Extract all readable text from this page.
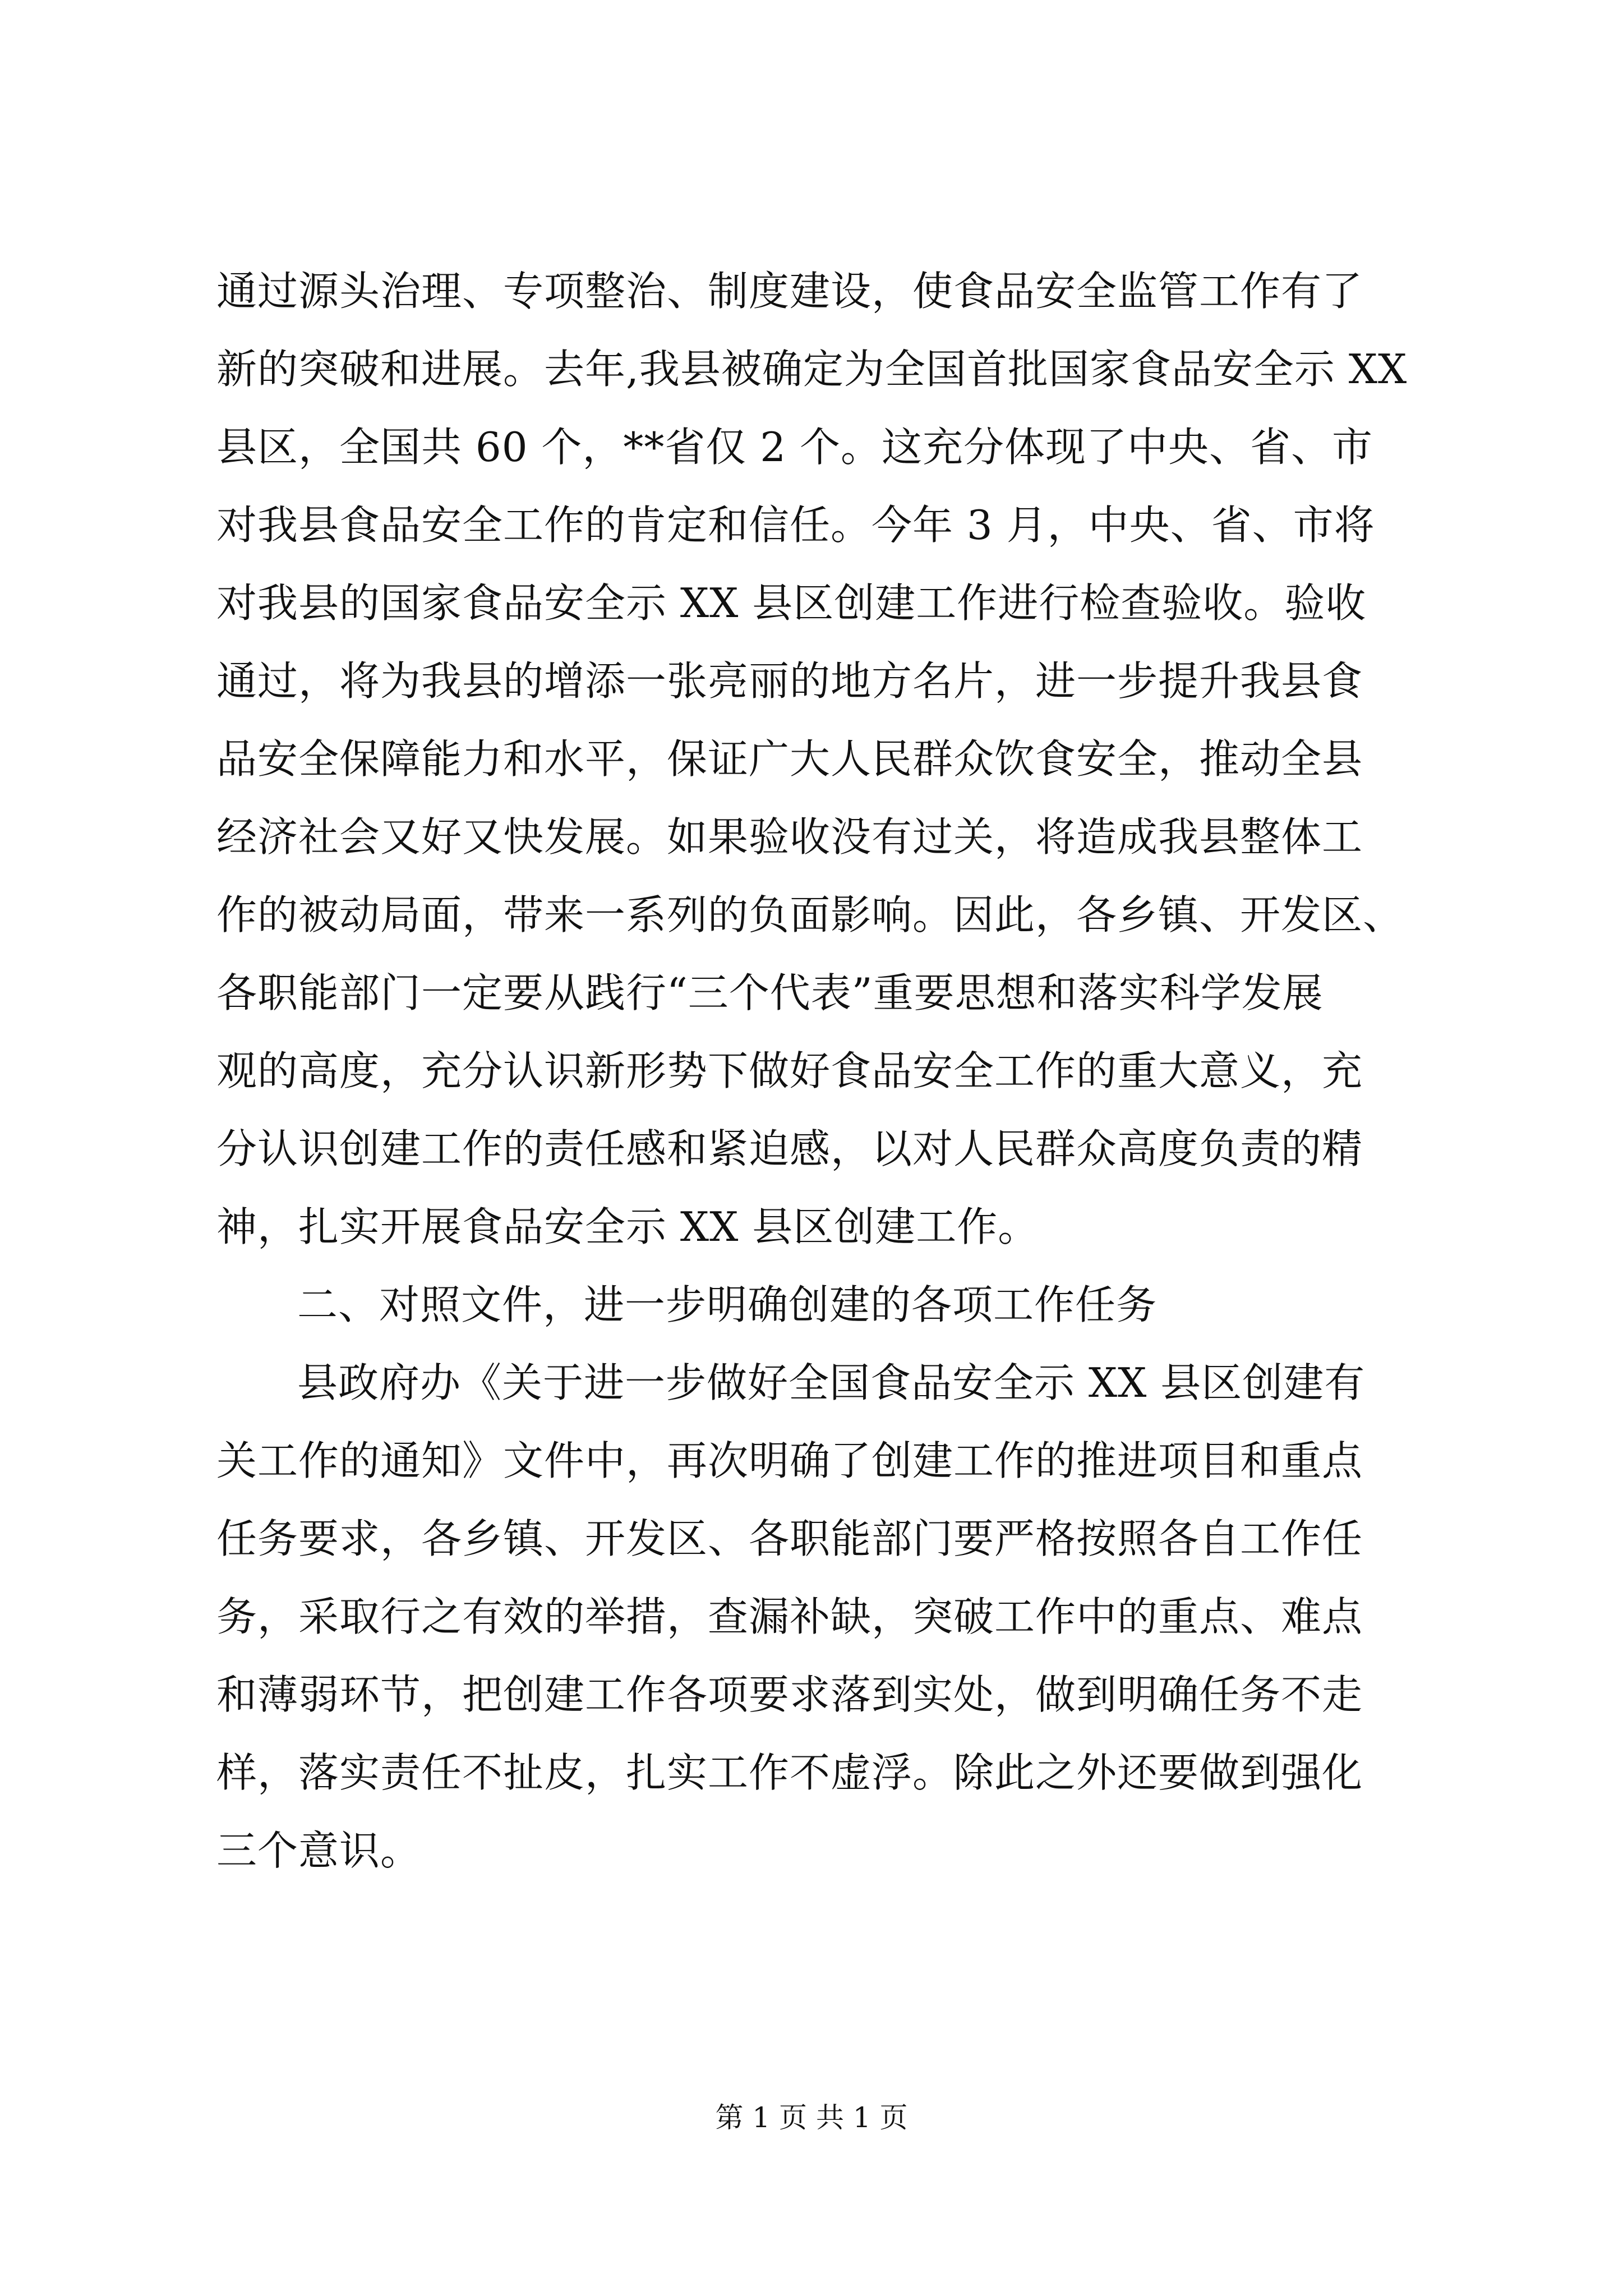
通过源头治理、专项整治、制度建设，使食品安全监管工作有了
新的突破和进展。去年,我县被确定为全国首批国家食品安全示 XX
县区，全国共 60 个，**省仅 2 个。这充分体现了中央、省、市
对我县食品安全工作的肯定和信任。今年 3 月，中央、省、市将
对我县的国家食品安全示 XX 县区创建工作进行检查验收。验收
通过，将为我县的增添一张亮丽的地方名片，进一步提升我县食
品安全保障能力和水平，保证广大人民群众饮食安全，推动全县
经济社会又好又快发展。如果验收没有过关，将造成我县整体工
作的被动局面，带来一系列的负面影响。因此，各乡镇、开发区、
各职能部门一定要从践行“三个代表”重要思想和落实科学发展
观的高度，充分认识新形势下做好食品安全工作的重大意义，充
分认识创建工作的责任感和紧迫感，以对人民群众高度负责的精
神，扎实开展食品安全示 XX 县区创建工作。
二、对照文件，进一步明确创建的各项工作任务
县政府办《关于进一步做好全国食品安全示 XX 县区创建有
关工作的通知》文件中，再次明确了创建工作的推进项目和重点
任务要求，各乡镇、开发区、各职能部门要严格按照各自工作任
务，采取行之有效的举措，查漏补缺，突破工作中的重点、难点
和薄弱环节，把创建工作各项要求落到实处，做到明确任务不走
样，落实责任不扯皮，扎实工作不虚浮。除此之外还要做到强化
三个意识。
第 1 页 共 1 页
